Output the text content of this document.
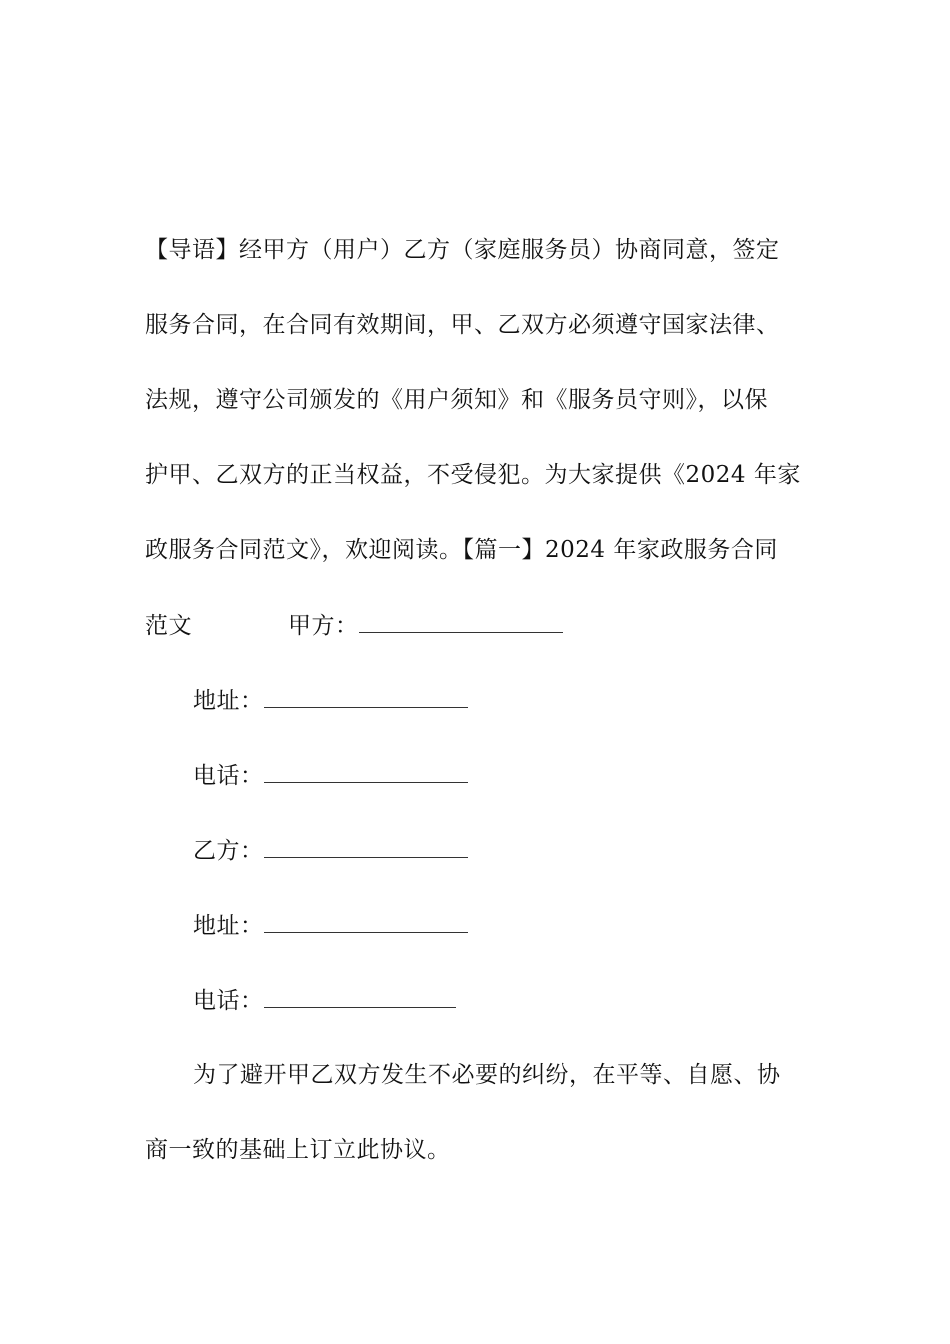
【导语】经甲方（用户）乙方（家庭服务员）协商同意，签定
服务合同，在合同有效期间，甲、乙双方必须遵守国家法律、
法规，遵守公司颁发的《用户须知》和《服务员守则》，以保
护甲、乙双方的正当权益，不受侵犯。为大家提供《2024 年家
政服务合同范文》，欢迎阅读。【篇一】2024 年家政服务合同
范文	甲方：
地址：
电话：
乙方：
地址：
电话：
为了避开甲乙双方发生不必要的纠纷，在平等、自愿、协
商一致的基础上订立此协议。
